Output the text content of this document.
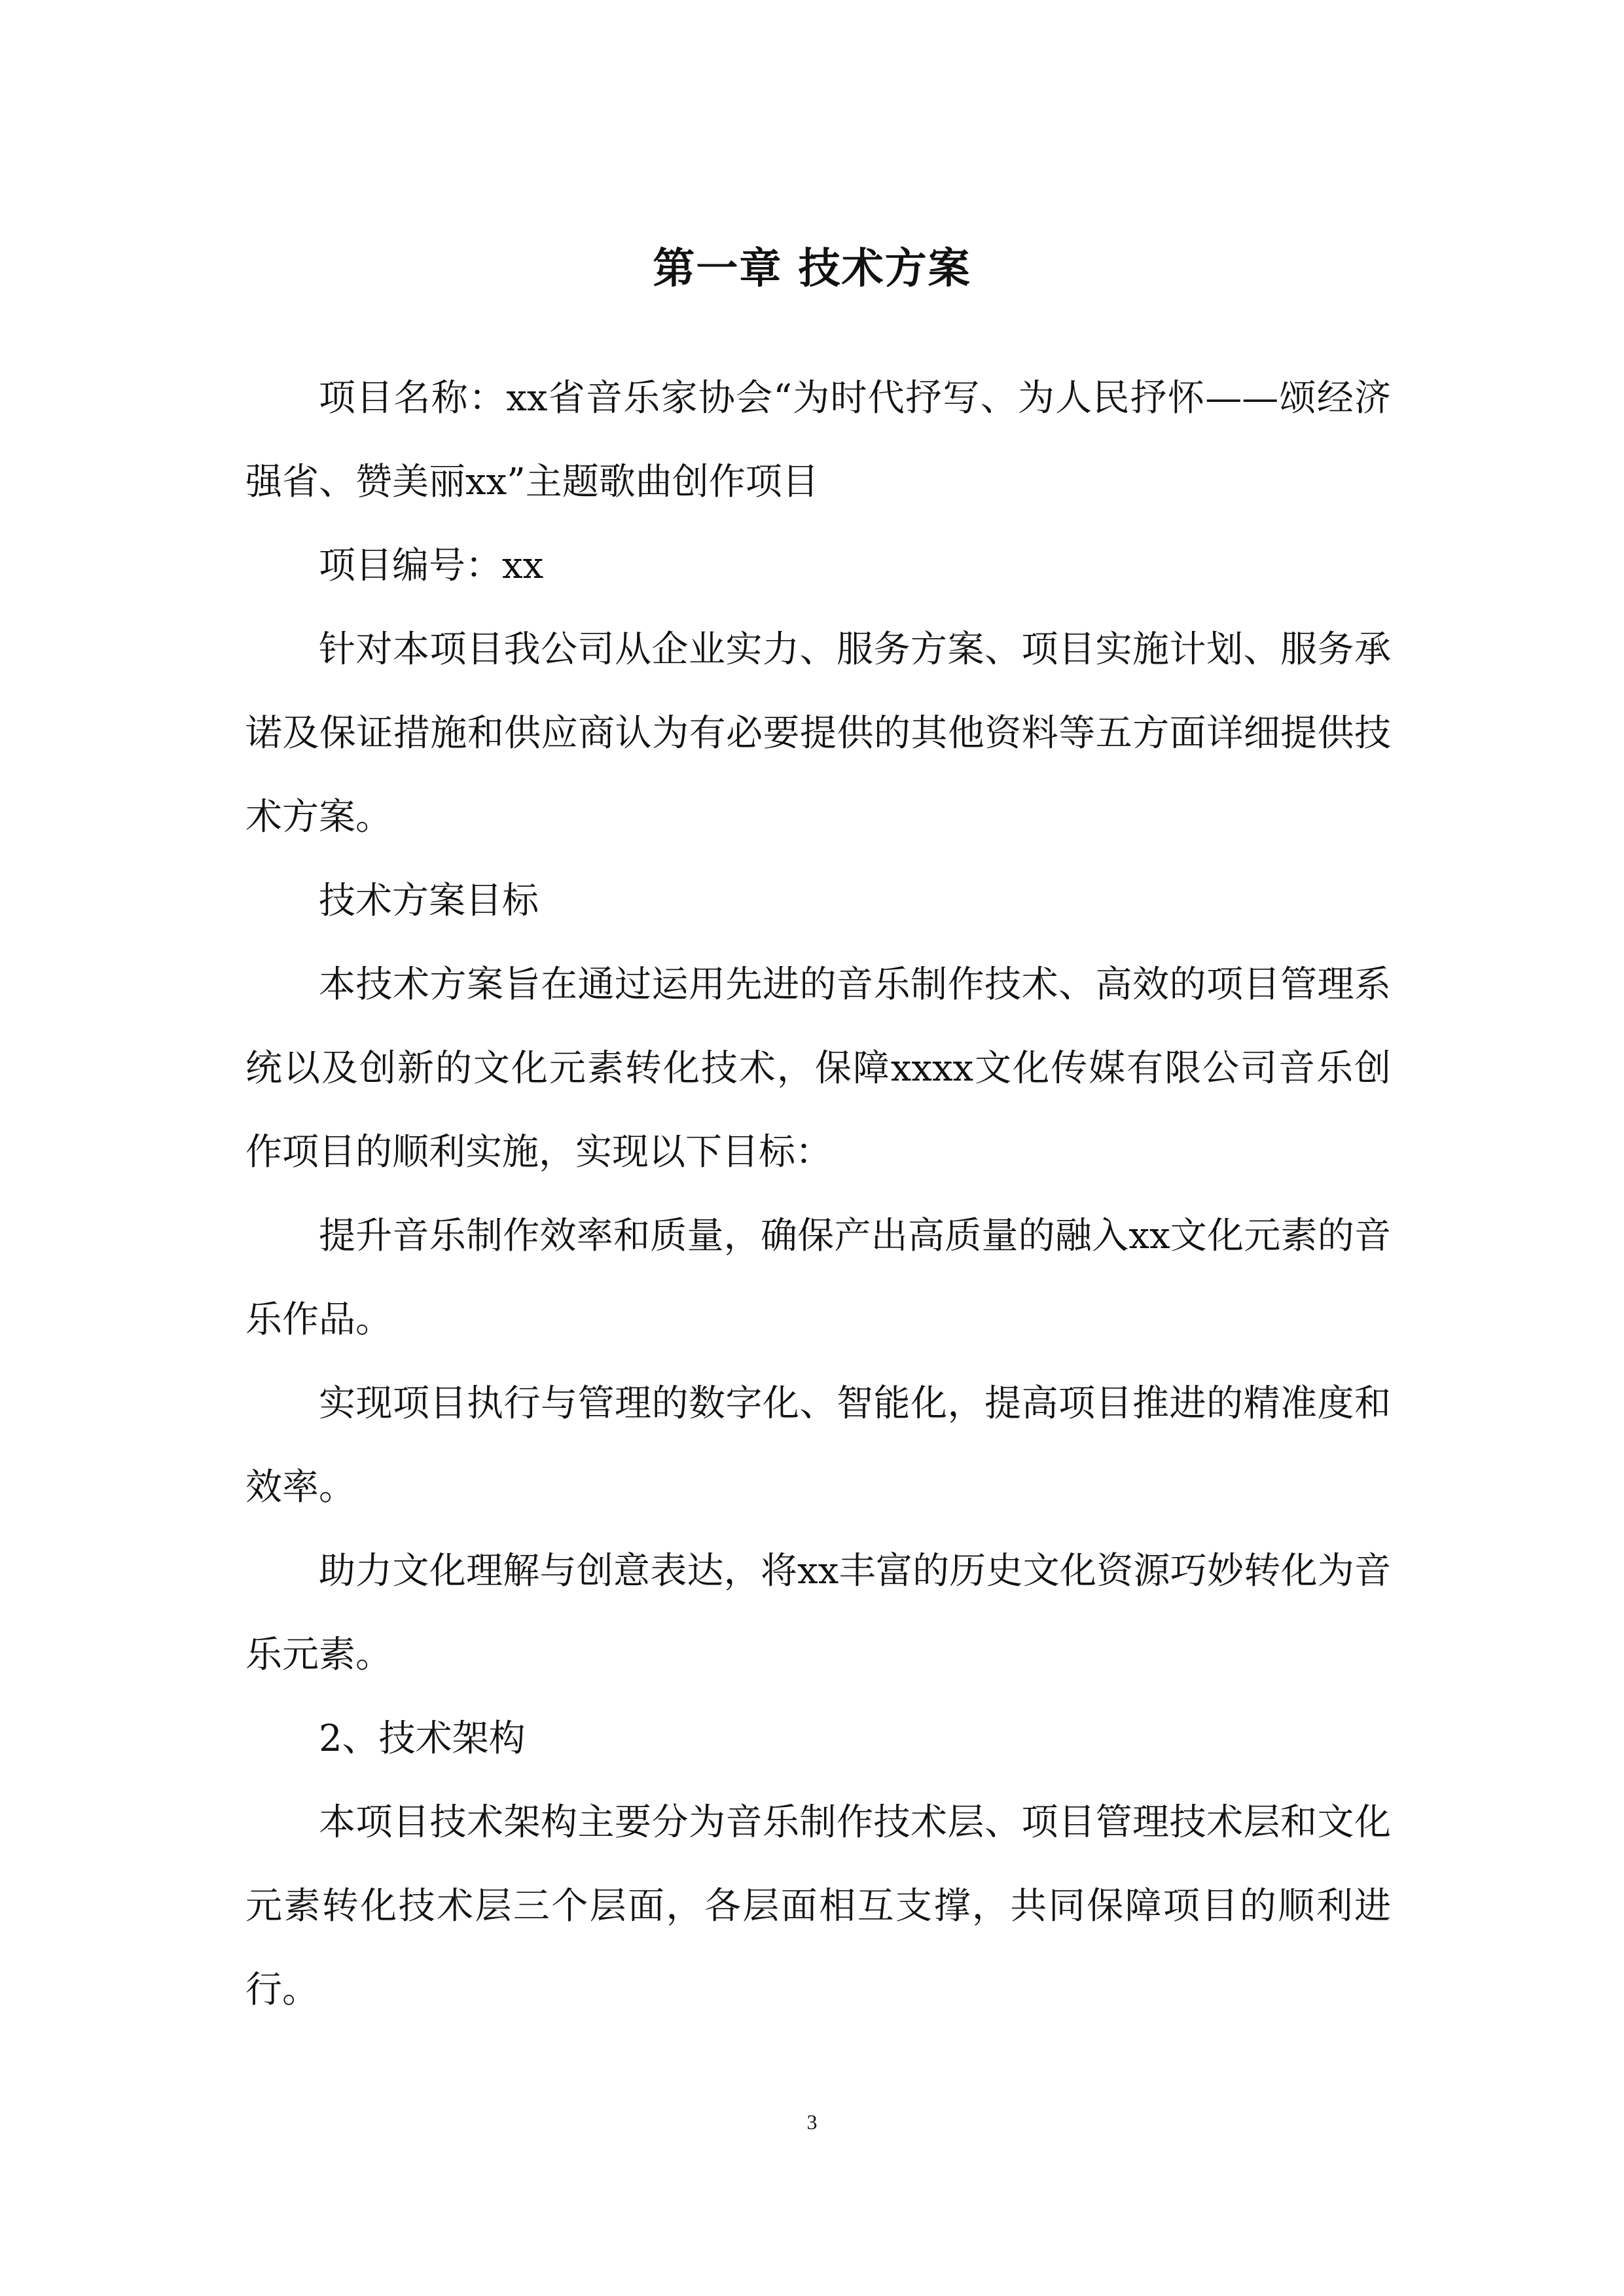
第一章 技术方案

项目名称：xx省音乐家协会“为时代抒写、为人民抒怀——颂经济强省、赞美丽xx”主题歌曲创作项目

项目编号：xx

针对本项目我公司从企业实力、服务方案、项目实施计划、服务承诺及保证措施和供应商认为有必要提供的其他资料等五方面详细提供技术方案。

技术方案目标

本技术方案旨在通过运用先进的音乐制作技术、高效的项目管理系统以及创新的文化元素转化技术，保障xxxx文化传媒有限公司音乐创作项目的顺利实施，实现以下目标：

提升音乐制作效率和质量，确保产出高质量的融入xx文化元素的音乐作品。

实现项目执行与管理的数字化、智能化，提高项目推进的精准度和效率。

助力文化理解与创意表达，将xx丰富的历史文化资源巧妙转化为音乐元素。

2、技术架构

本项目技术架构主要分为音乐制作技术层、项目管理技术层和文化元素转化技术层三个层面，各层面相互支撑，共同保障项目的顺利进行。

3
